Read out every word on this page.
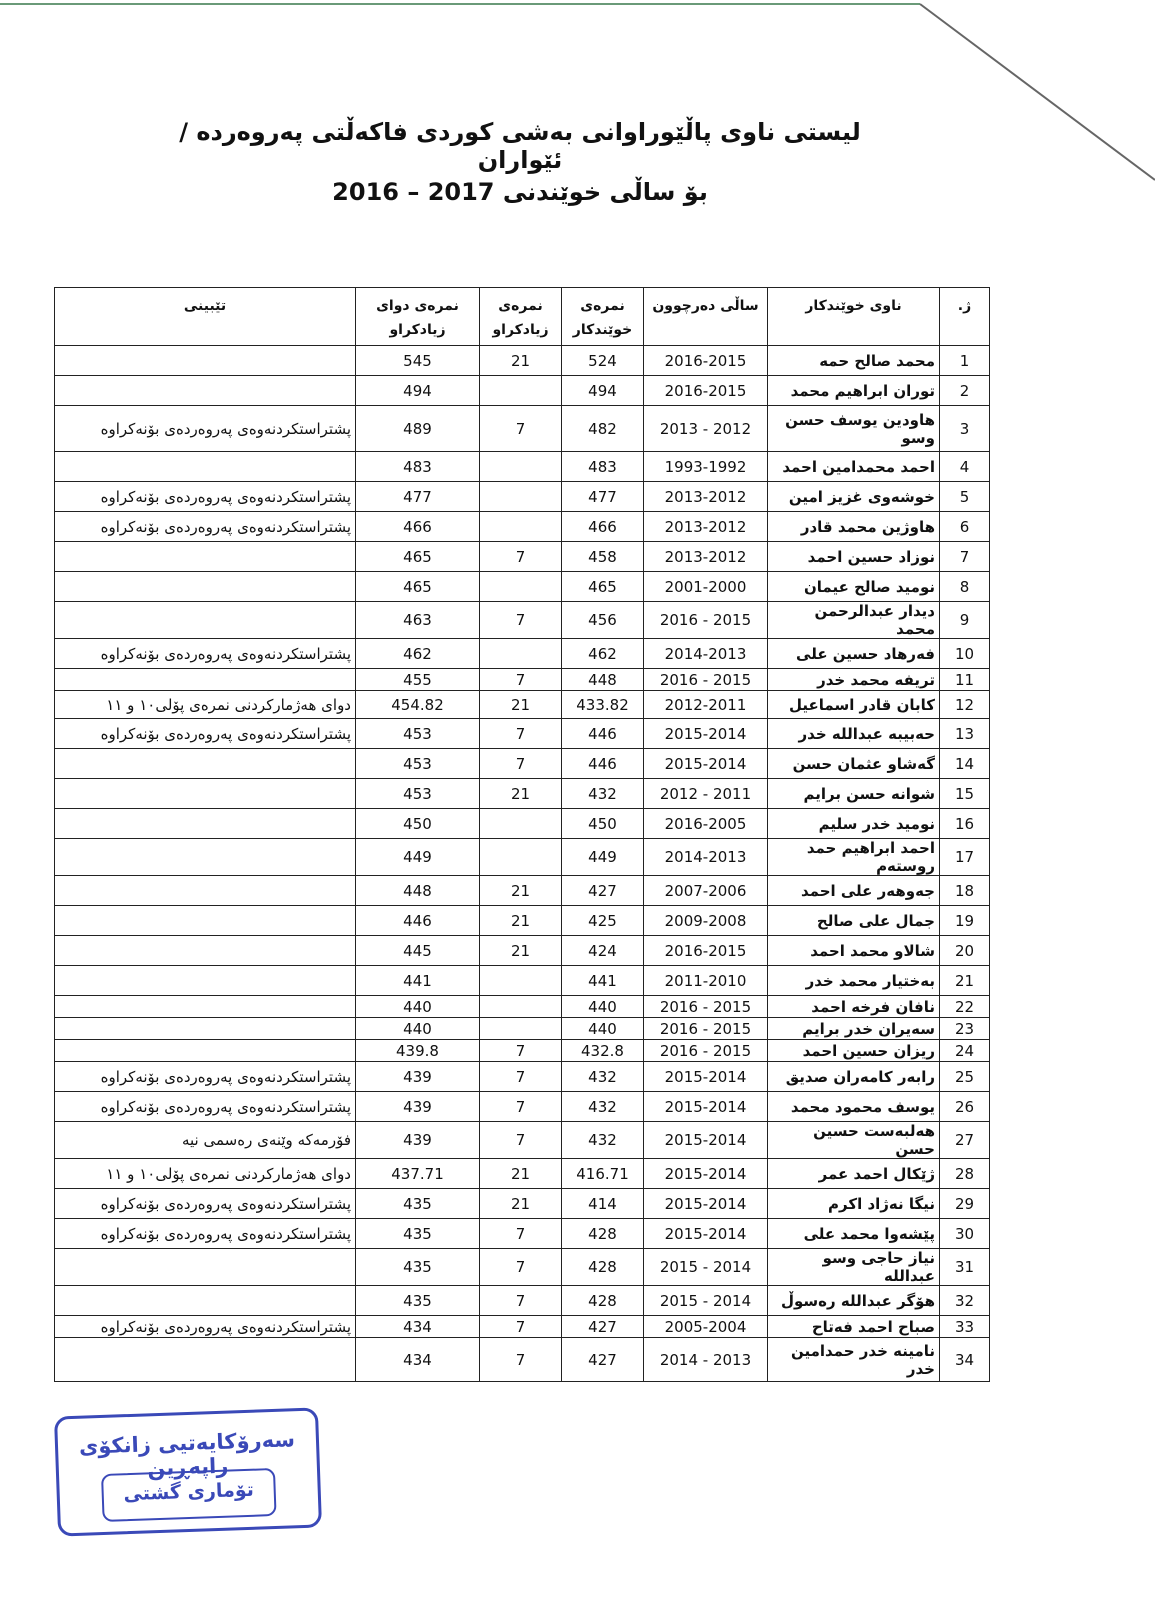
لیستی ناوی پاڵێوراوانی بەشی کوردی فاکەڵتی پەروەردە / ئێواران
بۆ ساڵی خوێندنی 2017 – 2016
ژ.	ناوی خوێندکار	ساڵی دەرچوون	نمرەی خوێندکار	نمرەی زیادکراو	نمرەی دوای زیادکراو	تێبینی
1	محمد صالح حمه	2016-2015	524	21	545	
2	توران ابراهیم محمد	2016-2015	494		494	
3	هاودین یوسف حسن وسو	2012 - 2013	482	7	489	پشتراستکردنەوەی پەروەردەی بۆنەکراوە
4	احمد محمدامین احمد	1993-1992	483		483	
5	خوشەوی غزیز امین	2013-2012	477		477	پشتراستکردنەوەی پەروەردەی بۆنەکراوە
6	هاوژین محمد قادر	2013-2012	466		466	پشتراستکردنەوەی پەروەردەی بۆنەکراوە
7	نوزاد حسین احمد	2013-2012	458	7	465	
8	نومید صالح عیمان	2001-2000	465		465	
9	دیدار عبدالرحمن محمد	2015 - 2016	456	7	463	
10	فەرهاد حسین علی	2014-2013	462		462	پشتراستکردنەوەی پەروەردەی بۆنەکراوە
11	تریفه محمد خدر	2015 - 2016	448	7	455	
12	کابان قادر اسماعیل	2012-2011	433.82	21	454.82	دوای هەژمارکردنی نمرەی پۆلی١٠ و ١١
13	حەبیبه عبدالله خدر	2015-2014	446	7	453	پشتراستکردنەوەی پەروەردەی بۆنەکراوە
14	گەشاو عثمان حسن	2015-2014	446	7	453	
15	شوانه حسن برایم	2011 - 2012	432	21	453	
16	نومید خدر سلیم	2016-2005	450		450	
17	احمد ابراهیم حمد روستەم	2014-2013	449		449	
18	جەوهەر علی احمد	2007-2006	427	21	448	
19	جمال علی صالح	2009-2008	425	21	446	
20	شالاو محمد احمد	2016-2015	424	21	445	
21	بەختیار محمد خدر	2011-2010	441		441	
22	نافان فرخه احمد	2015 - 2016	440		440	
23	سەیران خدر برایم	2015 - 2016	440		440	
24	ریزان حسین احمد	2015 - 2016	432.8	7	439.8	
25	رابەر کامەران صدیق	2015-2014	432	7	439	پشتراستکردنەوەی پەروەردەی بۆنەکراوە
26	یوسف محمود محمد	2015-2014	432	7	439	پشتراستکردنەوەی پەروەردەی بۆنەکراوە
27	هەلبەست حسین حسن	2015-2014	432	7	439	فۆرمەکە وێنەی رەسمی نیە
28	ژێکال احمد عمر	2015-2014	416.71	21	437.71	دوای هەژمارکردنی نمرەی پۆلی١٠ و ١١
29	نیگا نەژاد اکرم	2015-2014	414	21	435	پشتراستکردنەوەی پەروەردەی بۆنەکراوە
30	پێشەوا محمد علی	2015-2014	428	7	435	پشتراستکردنەوەی پەروەردەی بۆنەکراوە
31	نیاز حاجی وسو عبدالله	2014 - 2015	428	7	435	
32	هۆگر عبدالله رەسوڵ	2014 - 2015	428	7	435	
33	صباح احمد فەتاح	2005-2004	427	7	434	پشتراستکردنەوەی پەروەردەی بۆنەکراوە
34	نامینه خدر حمدامین خدر	2013 - 2014	427	7	434	
سەرۆکایەتیی زانکۆی راپەڕین
تۆماری گشتی
